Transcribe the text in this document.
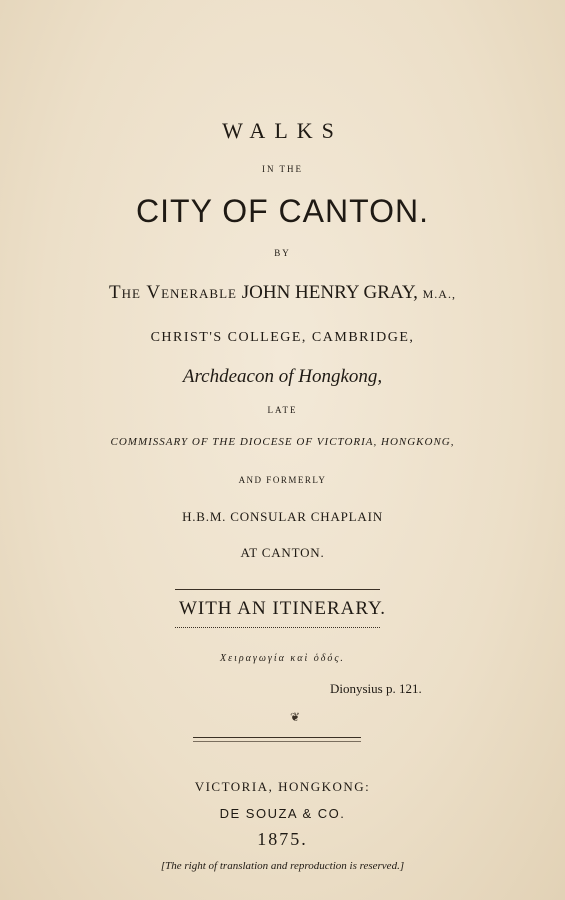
WALKS

IN THE

CITY OF CANTON.

BY

The Venerable JOHN HENRY GRAY, M.A.,

CHRIST'S COLLEGE, CAMBRIDGE,

Archdeacon of Hongkong,

LATE

COMMISSARY OF THE DIOCESE OF VICTORIA, HONGKONG,

AND FORMERLY

H.B.M. CONSULAR CHAPLAIN

AT CANTON.

WITH AN ITINERARY.

Χειραγωγία καὶ ὁδός.

Dionysius p. 121.
❦

VICTORIA, HONGKONG:

DE SOUZA & CO.

1875.

[The right of translation and reproduction is reserved.]
